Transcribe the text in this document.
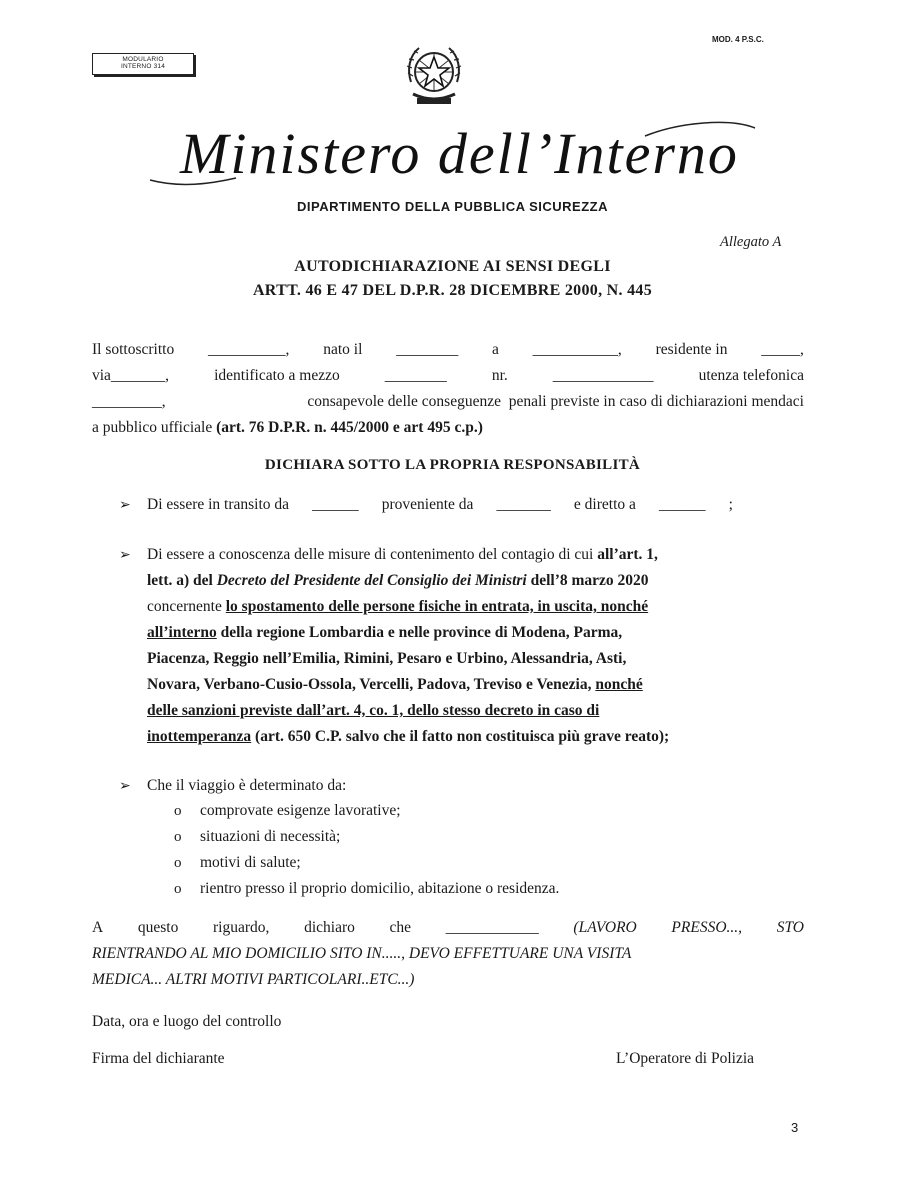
MODULARIO
INTERNO 314
MOD. 4 P.S.C.
Ministero dell’Interno
DIPARTIMENTO DELLA PUBBLICA SICUREZZA
Allegato A
AUTODICHIARAZIONE AI SENSI DEGLI
ARTT. 46 E 47 DEL D.P.R. 28 DICEMBRE 2000, N. 445
Il sottoscritto __________, nato il ________ a ___________, residente in _____,
via_______,	identificato a mezzo	________	nr.	_____________	utenza telefonica
_________,	consapevole delle conseguenze  penali previste in caso di dichiarazioni mendaci
a pubblico ufficiale (art. 76 D.P.R. n. 445/2000 e art 495 c.p.)
DICHIARA SOTTO LA PROPRIA RESPONSABILITÀ
➢ Di essere in transito da ______ proveniente da _______ e diretto a ______ ;
➢ Di essere a conoscenza delle misure di contenimento del contagio di cui all’art. 1,
lett. a) del Decreto del Presidente del Consiglio dei Ministri dell’8 marzo 2020
concernente lo spostamento delle persone fisiche in entrata, in uscita, nonché
all’interno della regione Lombardia e nelle province di Modena, Parma,
Piacenza, Reggio nell’Emilia, Rimini, Pesaro e Urbino, Alessandria, Asti,
Novara, Verbano-Cusio-Ossola, Vercelli, Padova, Treviso e Venezia, nonché
delle sanzioni previste dall’art. 4, co. 1, dello stesso decreto in caso di
inottemperanza (art. 650 C.P. salvo che il fatto non costituisca più grave reato);
➢ Che il viaggio è determinato da:
o comprovate esigenze lavorative;
o situazioni di necessità;
o motivi di salute;
o rientro presso il proprio domicilio, abitazione o residenza.
A questo riguardo, dichiaro che ____________ (LAVORO PRESSO..., STO
RIENTRANDO AL MIO DOMICILIO SITO IN....., DEVO EFFETTUARE UNA VISITA
MEDICA... ALTRI MOTIVI PARTICOLARI..ETC...)
Data, ora e luogo del controllo
Firma del dichiarante	L’Operatore di Polizia
3
